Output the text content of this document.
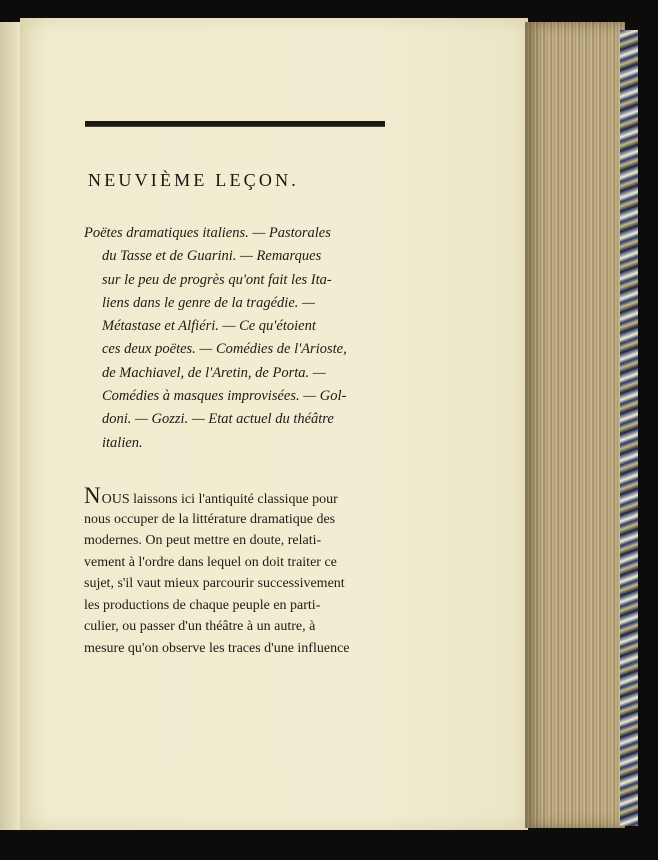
NEUVIÈME LEÇON.
Poëtes dramatiques italiens. — Pastorales
du Tasse et de Guarini. — Remarques
sur le peu de progrès qu'ont fait les Ita-
liens dans le genre de la tragédie. —
Métastase et Alfiéri. — Ce qu'étoient
ces deux poëtes. — Comédies de l'Arioste,
de Machiavel, de l'Aretin, de Porta. —
Comédies à masques improvisées. — Gol-
doni. — Gozzi. — Etat actuel du théâtre
italien.
NOUS laissons ici l'antiquité classique pour
nous occuper de la littérature dramatique des
modernes. On peut mettre en doute, relati-
vement à l'ordre dans lequel on doit traiter ce
sujet, s'il vaut mieux parcourir successivement
les productions de chaque peuple en parti-
culier, ou passer d'un théâtre à un autre, à
mesure qu'on observe les traces d'une influence
